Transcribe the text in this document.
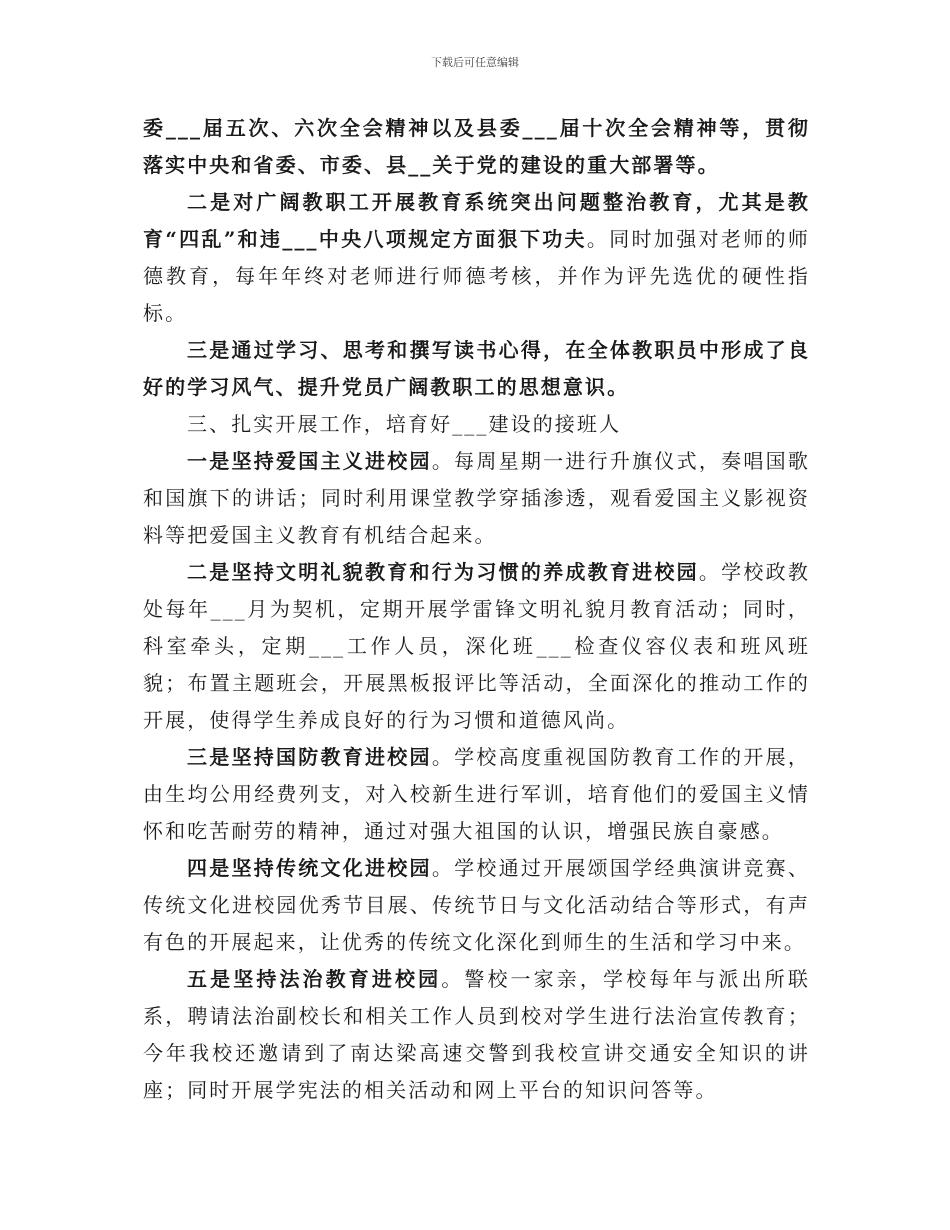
下载后可任意编辑

委___届五次、六次全会精神以及县委___届十次全会精神等，贯彻落实中央和省委、市委、县__关于党的建设的重大部署等。

二是对广阔教职工开展教育系统突出问题整治教育，尤其是教育“四乱”和违___中央八项规定方面狠下功夫。同时加强对老师的师德教育，每年年终对老师进行师德考核，并作为评先选优的硬性指标。

三是通过学习、思考和撰写读书心得，在全体教职员中形成了良好的学习风气、提升党员广阔教职工的思想意识。

三、扎实开展工作，培育好___建设的接班人

一是坚持爱国主义进校园。每周星期一进行升旗仪式，奏唱国歌和国旗下的讲话；同时利用课堂教学穿插渗透，观看爱国主义影视资料等把爱国主义教育有机结合起来。

二是坚持文明礼貌教育和行为习惯的养成教育进校园。学校政教处每年___月为契机，定期开展学雷锋文明礼貌月教育活动；同时，科室牵头，定期___工作人员，深化班___检查仪容仪表和班风班貌；布置主题班会，开展黑板报评比等活动，全面深化的推动工作的开展，使得学生养成良好的行为习惯和道德风尚。

三是坚持国防教育进校园。学校高度重视国防教育工作的开展，由生均公用经费列支，对入校新生进行军训，培育他们的爱国主义情怀和吃苦耐劳的精神，通过对强大祖国的认识，增强民族自豪感。

四是坚持传统文化进校园。学校通过开展颂国学经典演讲竞赛、传统文化进校园优秀节目展、传统节日与文化活动结合等形式，有声有色的开展起来，让优秀的传统文化深化到师生的生活和学习中来。

五是坚持法治教育进校园。警校一家亲，学校每年与派出所联系，聘请法治副校长和相关工作人员到校对学生进行法治宣传教育；今年我校还邀请到了南达梁高速交警到我校宣讲交通安全知识的讲座；同时开展学宪法的相关活动和网上平台的知识问答等。
